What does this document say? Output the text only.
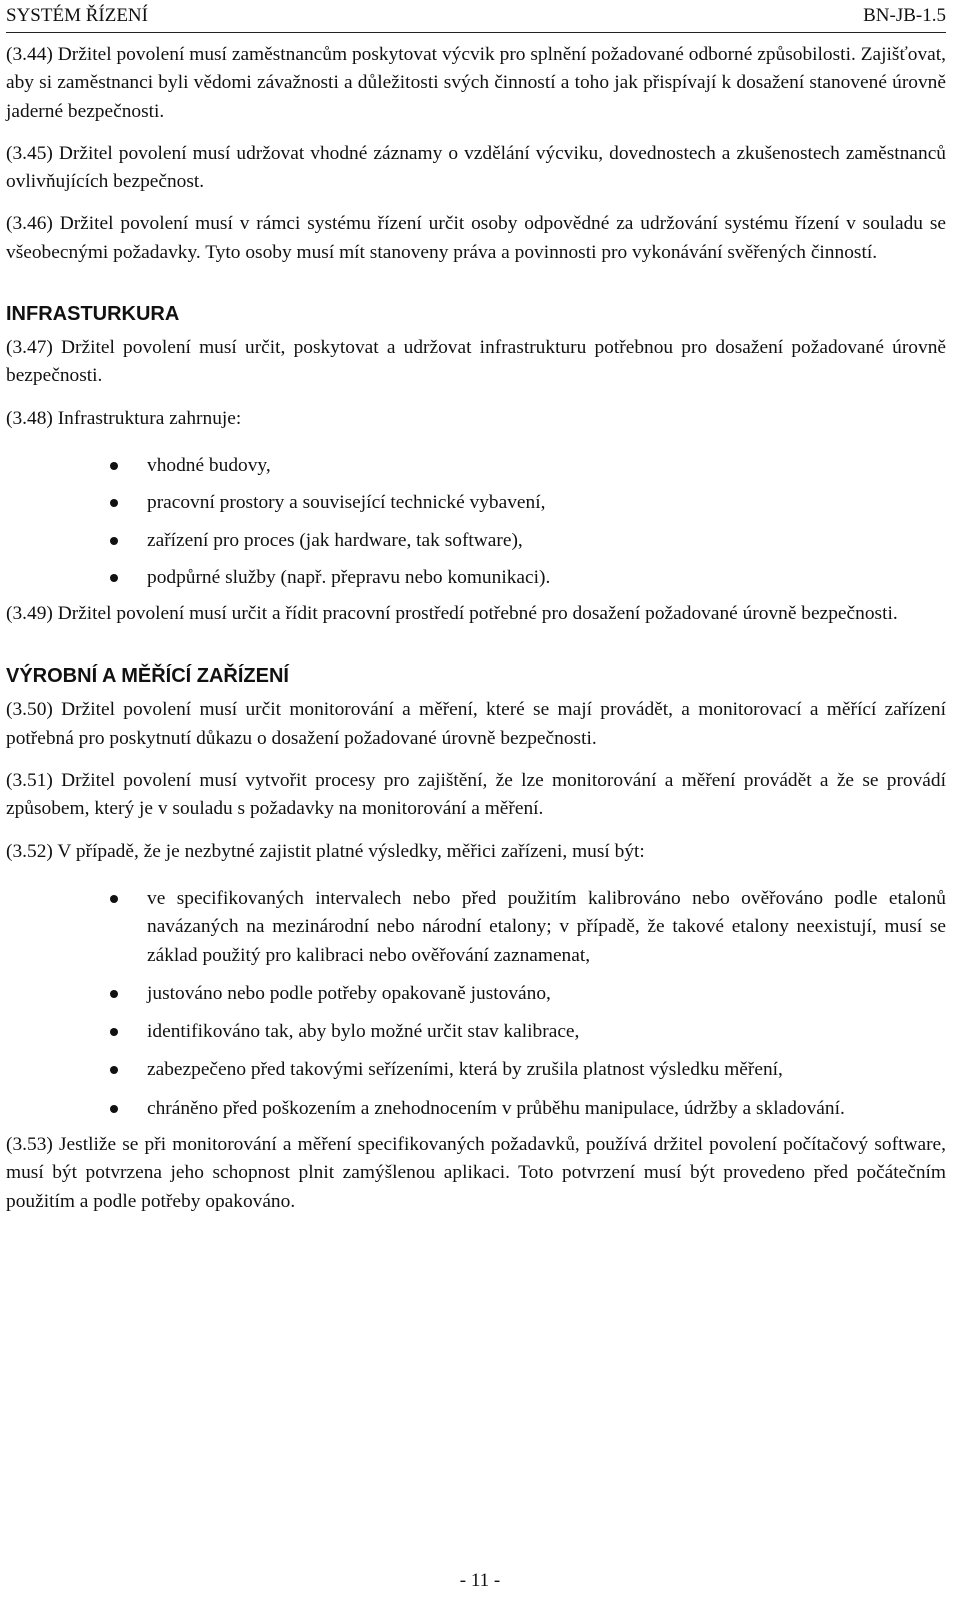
SYSTÉM ŘÍZENÍ	BN-JB-1.5

(3.44) Držitel povolení musí zaměstnancům poskytovat výcvik pro splnění požadované odborné způsobilosti. Zajišťovat, aby si zaměstnanci byli vědomi závažnosti a důležitosti svých činností a toho jak přispívají k dosažení stanovené úrovně jaderné bezpečnosti.

(3.45) Držitel povolení musí udržovat vhodné záznamy o vzdělání výcviku, dovednostech a zkušenostech zaměstnanců ovlivňujících bezpečnost.

(3.46) Držitel povolení musí v rámci systému řízení určit osoby odpovědné za udržování systému řízení v souladu se všeobecnými požadavky. Tyto osoby musí mít stanoveny práva a povinnosti pro vykonávání svěřených činností.

INFRASTURKURA

(3.47) Držitel povolení musí určit, poskytovat a udržovat infrastrukturu potřebnou pro dosažení požadované úrovně bezpečnosti.

(3.48) Infrastruktura zahrnuje:

vhodné budovy,
pracovní prostory a související technické vybavení,
zařízení pro proces (jak hardware, tak software),
podpůrné služby (např. přepravu nebo komunikaci).

(3.49) Držitel povolení musí určit a řídit pracovní prostředí potřebné pro dosažení požadované úrovně bezpečnosti.

VÝROBNÍ A MĚŘÍCÍ ZAŘÍZENÍ

(3.50) Držitel povolení musí určit monitorování a měření, které se mají provádět, a monitorovací a měřící zařízení potřebná pro poskytnutí důkazu o dosažení požadované úrovně bezpečnosti.

(3.51) Držitel povolení musí vytvořit procesy pro zajištění, že lze monitorování a měření provádět a že se provádí způsobem, který je v souladu s požadavky na monitorování a měření.

(3.52) V případě, že je nezbytné zajistit platné výsledky, měřici zařízeni, musí být:

ve specifikovaných intervalech nebo před použitím kalibrováno nebo ověřováno podle etalonů navázaných na mezinárodní nebo národní etalony; v případě, že takové etalony neexistují, musí se základ použitý pro kalibraci nebo ověřování zaznamenat,
justováno nebo podle potřeby opakovaně justováno,
identifikováno tak, aby bylo možné určit stav kalibrace,
zabezpečeno před takovými seřízeními, která by zrušila platnost výsledku měření,
chráněno před poškozením a znehodnocením v průběhu manipulace, údržby a skladování.

(3.53) Jestliže se při monitorování a měření specifikovaných požadavků, používá držitel povolení počítačový software, musí být potvrzena jeho schopnost plnit zamýšlenou aplikaci. Toto potvrzení musí být provedeno před počátečním použitím a podle potřeby opakováno.

- 11 -
